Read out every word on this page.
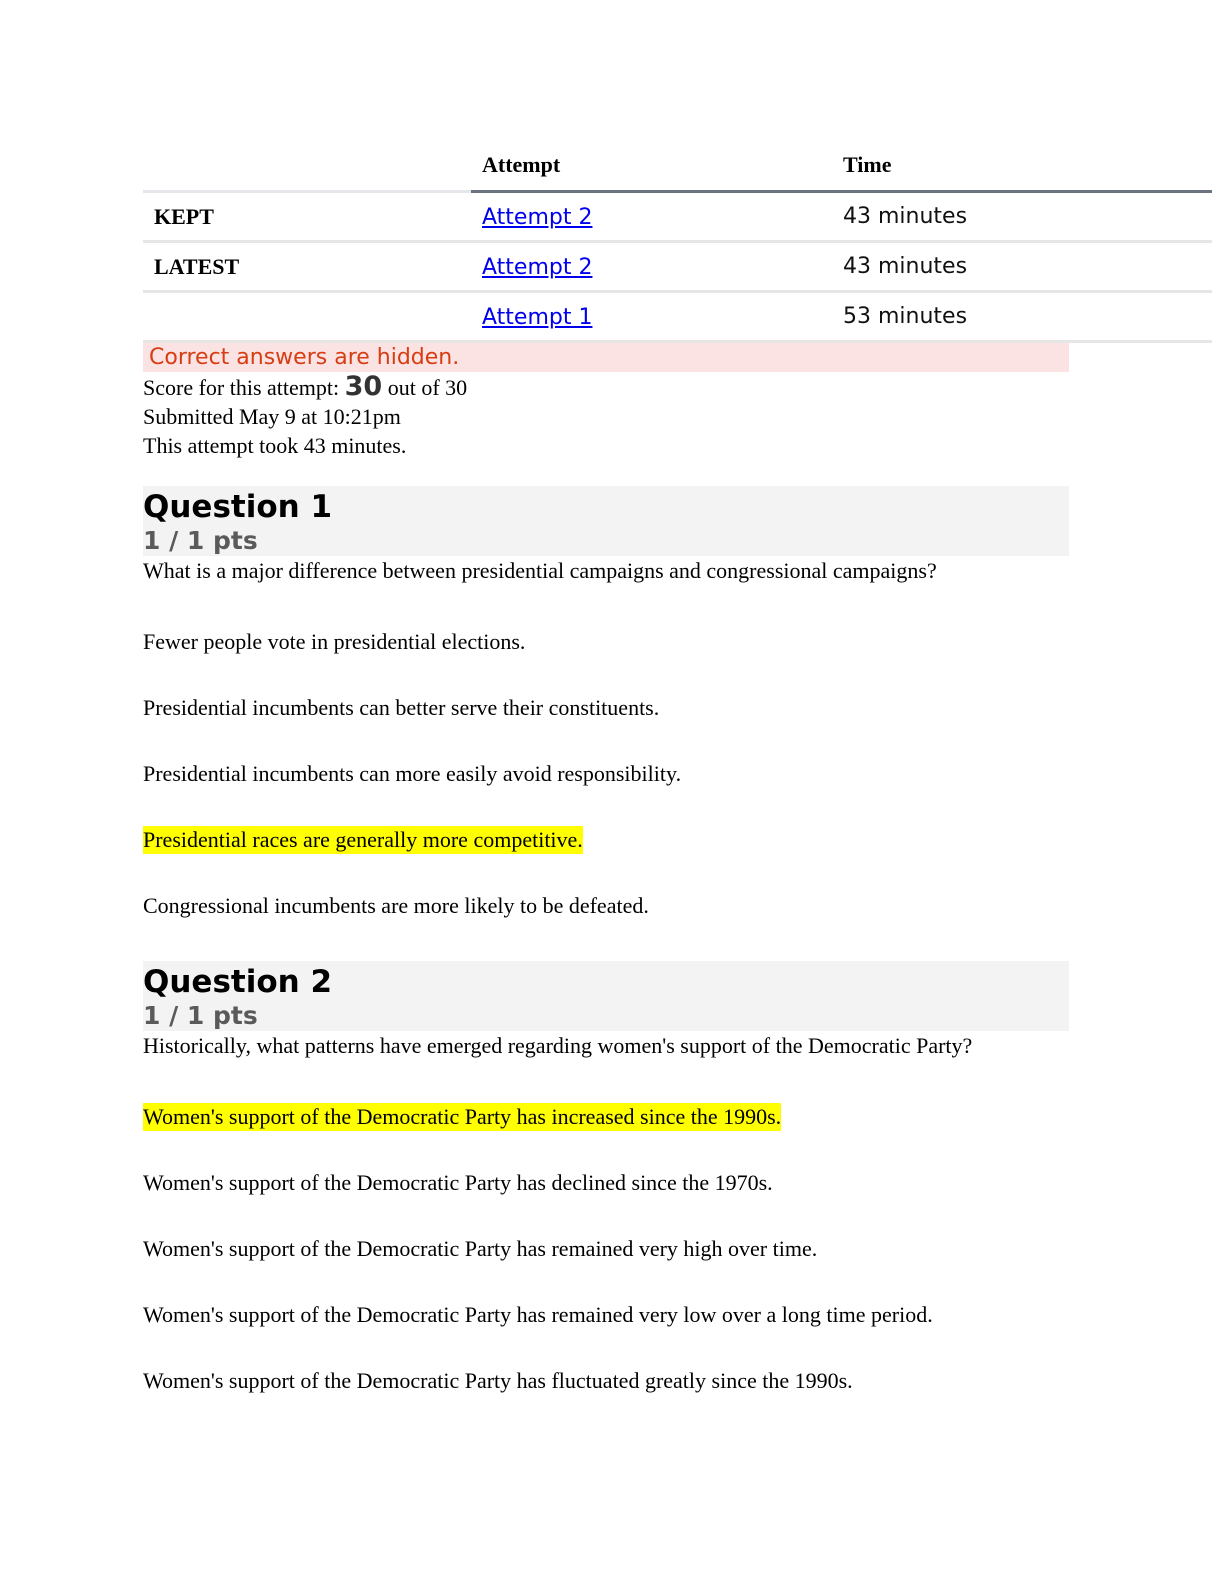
	Attempt	Time
KEPT	Attempt 2	43 minutes
LATEST	Attempt 2	43 minutes
	Attempt 1	53 minutes
Correct answers are hidden.
Score for this attempt: 30 out of 30
Submitted May 9 at 10:21pm
This attempt took 43 minutes.
Question 1
1 / 1 pts
What is a major difference between presidential campaigns and congressional campaigns?
Fewer people vote in presidential elections.
Presidential incumbents can better serve their constituents.
Presidential incumbents can more easily avoid responsibility.
Presidential races are generally more competitive.
Congressional incumbents are more likely to be defeated.
Question 2
1 / 1 pts
Historically, what patterns have emerged regarding women's support of the Democratic Party?
Women's support of the Democratic Party has increased since the 1990s.
Women's support of the Democratic Party has declined since the 1970s.
Women's support of the Democratic Party has remained very high over time.
Women's support of the Democratic Party has remained very low over a long time period.
Women's support of the Democratic Party has fluctuated greatly since the 1990s.
